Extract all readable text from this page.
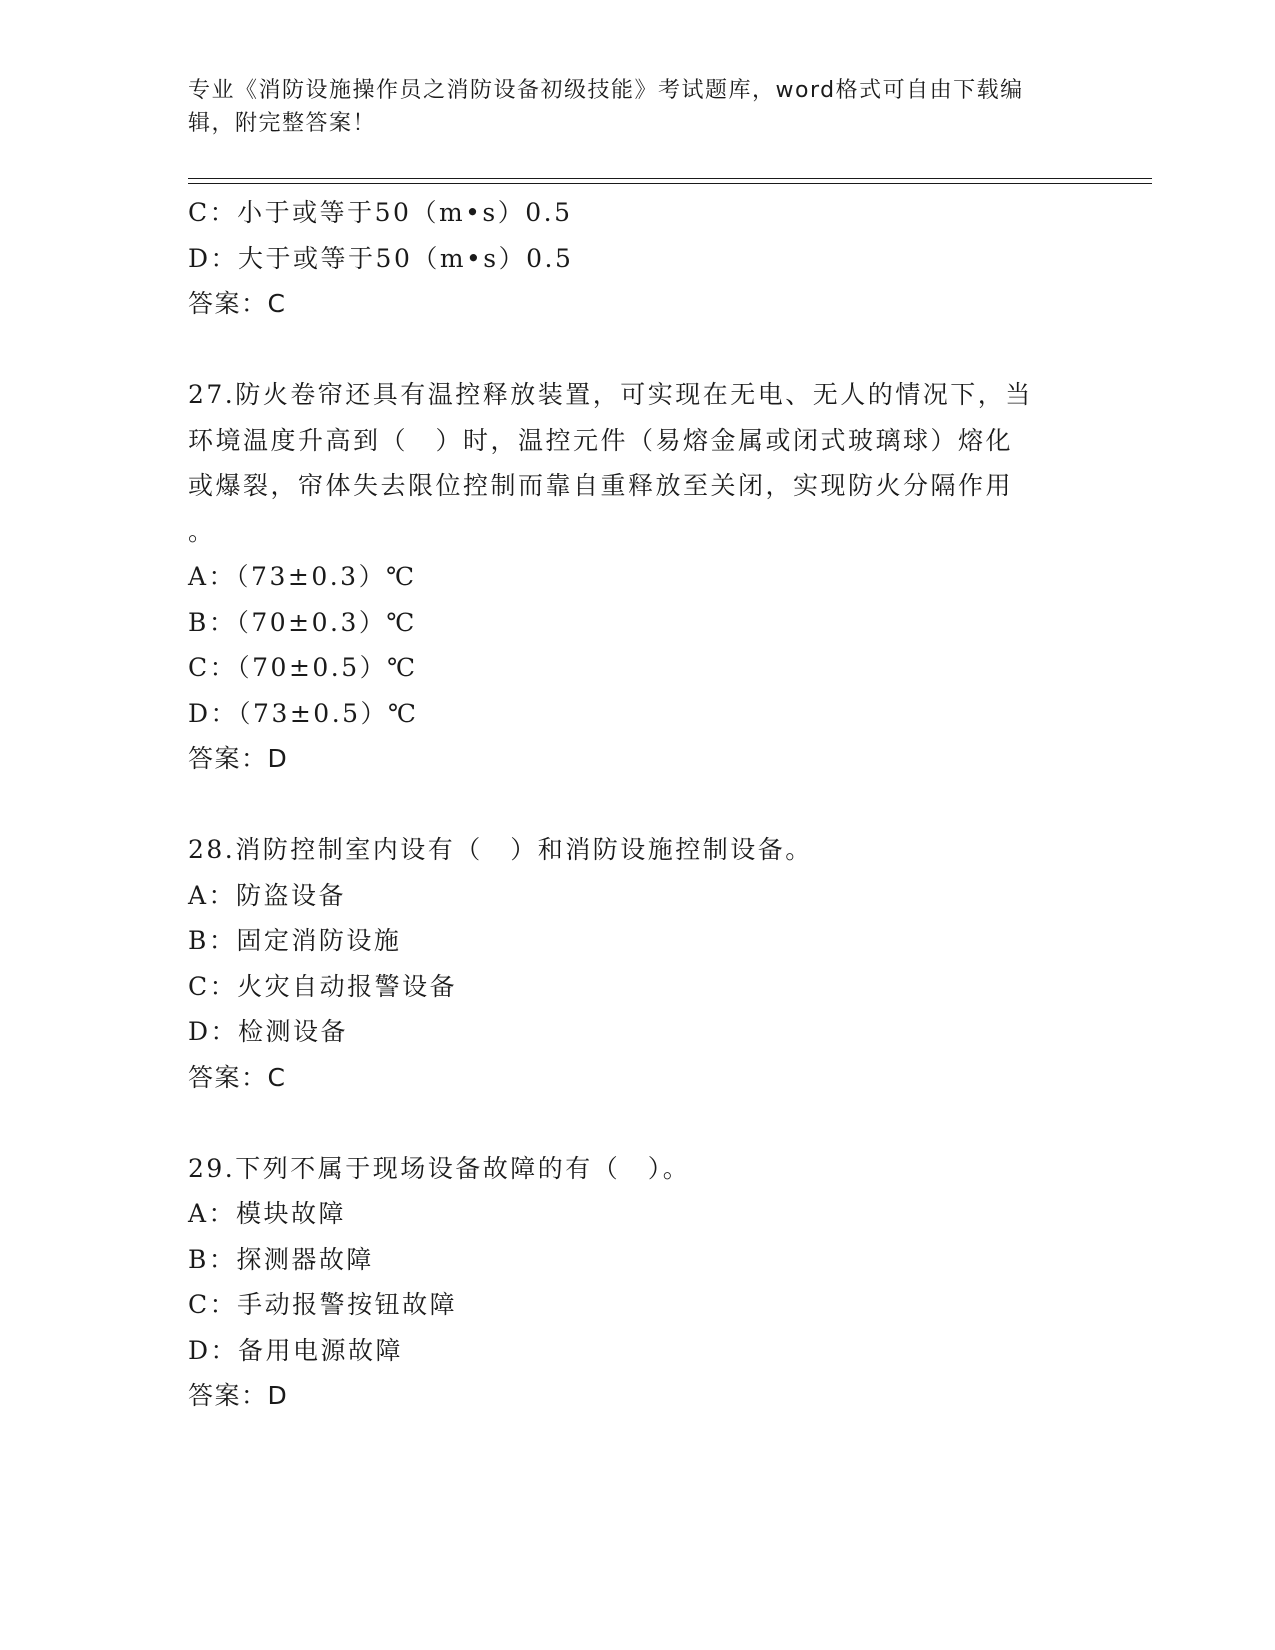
专业《消防设施操作员之消防设备初级技能》考试题库，word格式可自由下载编辑，附完整答案！

C：小于或等于50（m•s）0.5

D：大于或等于50（m•s）0.5

答案：C

27.防火卷帘还具有温控释放装置，可实现在无电、无人的情况下，当

环境温度升高到（　）时，温控元件（易熔金属或闭式玻璃球）熔化

或爆裂，帘体失去限位控制而靠自重释放至关闭，实现防火分隔作用

。

A：（73±0.3）℃

B：（70±0.3）℃

C：（70±0.5）℃

D：（73±0.5）℃

答案：D

28.消防控制室内设有（　）和消防设施控制设备。

A：防盗设备

B：固定消防设施

C：火灾自动报警设备

D：检测设备

答案：C

29.下列不属于现场设备故障的有（　）。

A：模块故障

B：探测器故障

C：手动报警按钮故障

D：备用电源故障

答案：D
